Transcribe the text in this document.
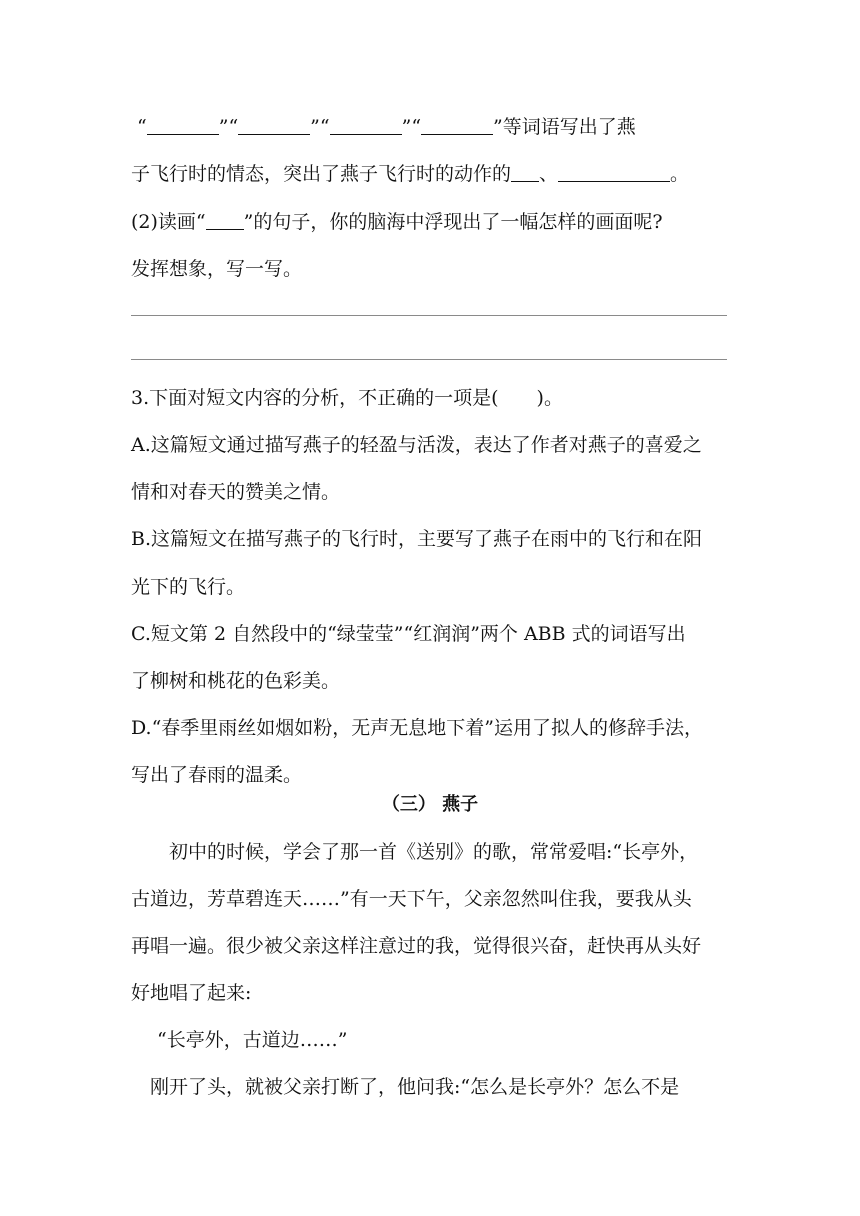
“	”“	”“	”“	”等词语写出了燕
子飞行时的情态，突出了燕子飞行时的动作的 、	。
(2)读画“ ”的句子，你的脑海中浮现出了一幅怎样的画面呢?
发挥想象，写一写。
3.下面对短文内容的分析，不正确的一项是(　　)。
A.这篇短文通过描写燕子的轻盈与活泼，表达了作者对燕子的喜爱之
情和对春天的赞美之情。
B.这篇短文在描写燕子的飞行时，主要写了燕子在雨中的飞行和在阳
光下的飞行。
C.短文第 2 自然段中的“绿莹莹”“红润润”两个 ABB 式的词语写出
了柳树和桃花的色彩美。
D.“春季里雨丝如烟如粉，无声无息地下着”运用了拟人的修辞手法，
写出了春雨的温柔。
（三） 燕子
　　初中的时候，学会了那一首《送别》的歌，常常爱唱:“长亭外，
古道边，芳草碧连天……”有一天下午，父亲忽然叫住我，要我从头
再唱一遍。很少被父亲这样注意过的我，觉得很兴奋，赶快再从头好
好地唱了起来:
“长亭外，古道边……”
刚开了头，就被父亲打断了，他问我:“怎么是长亭外？怎么不是
